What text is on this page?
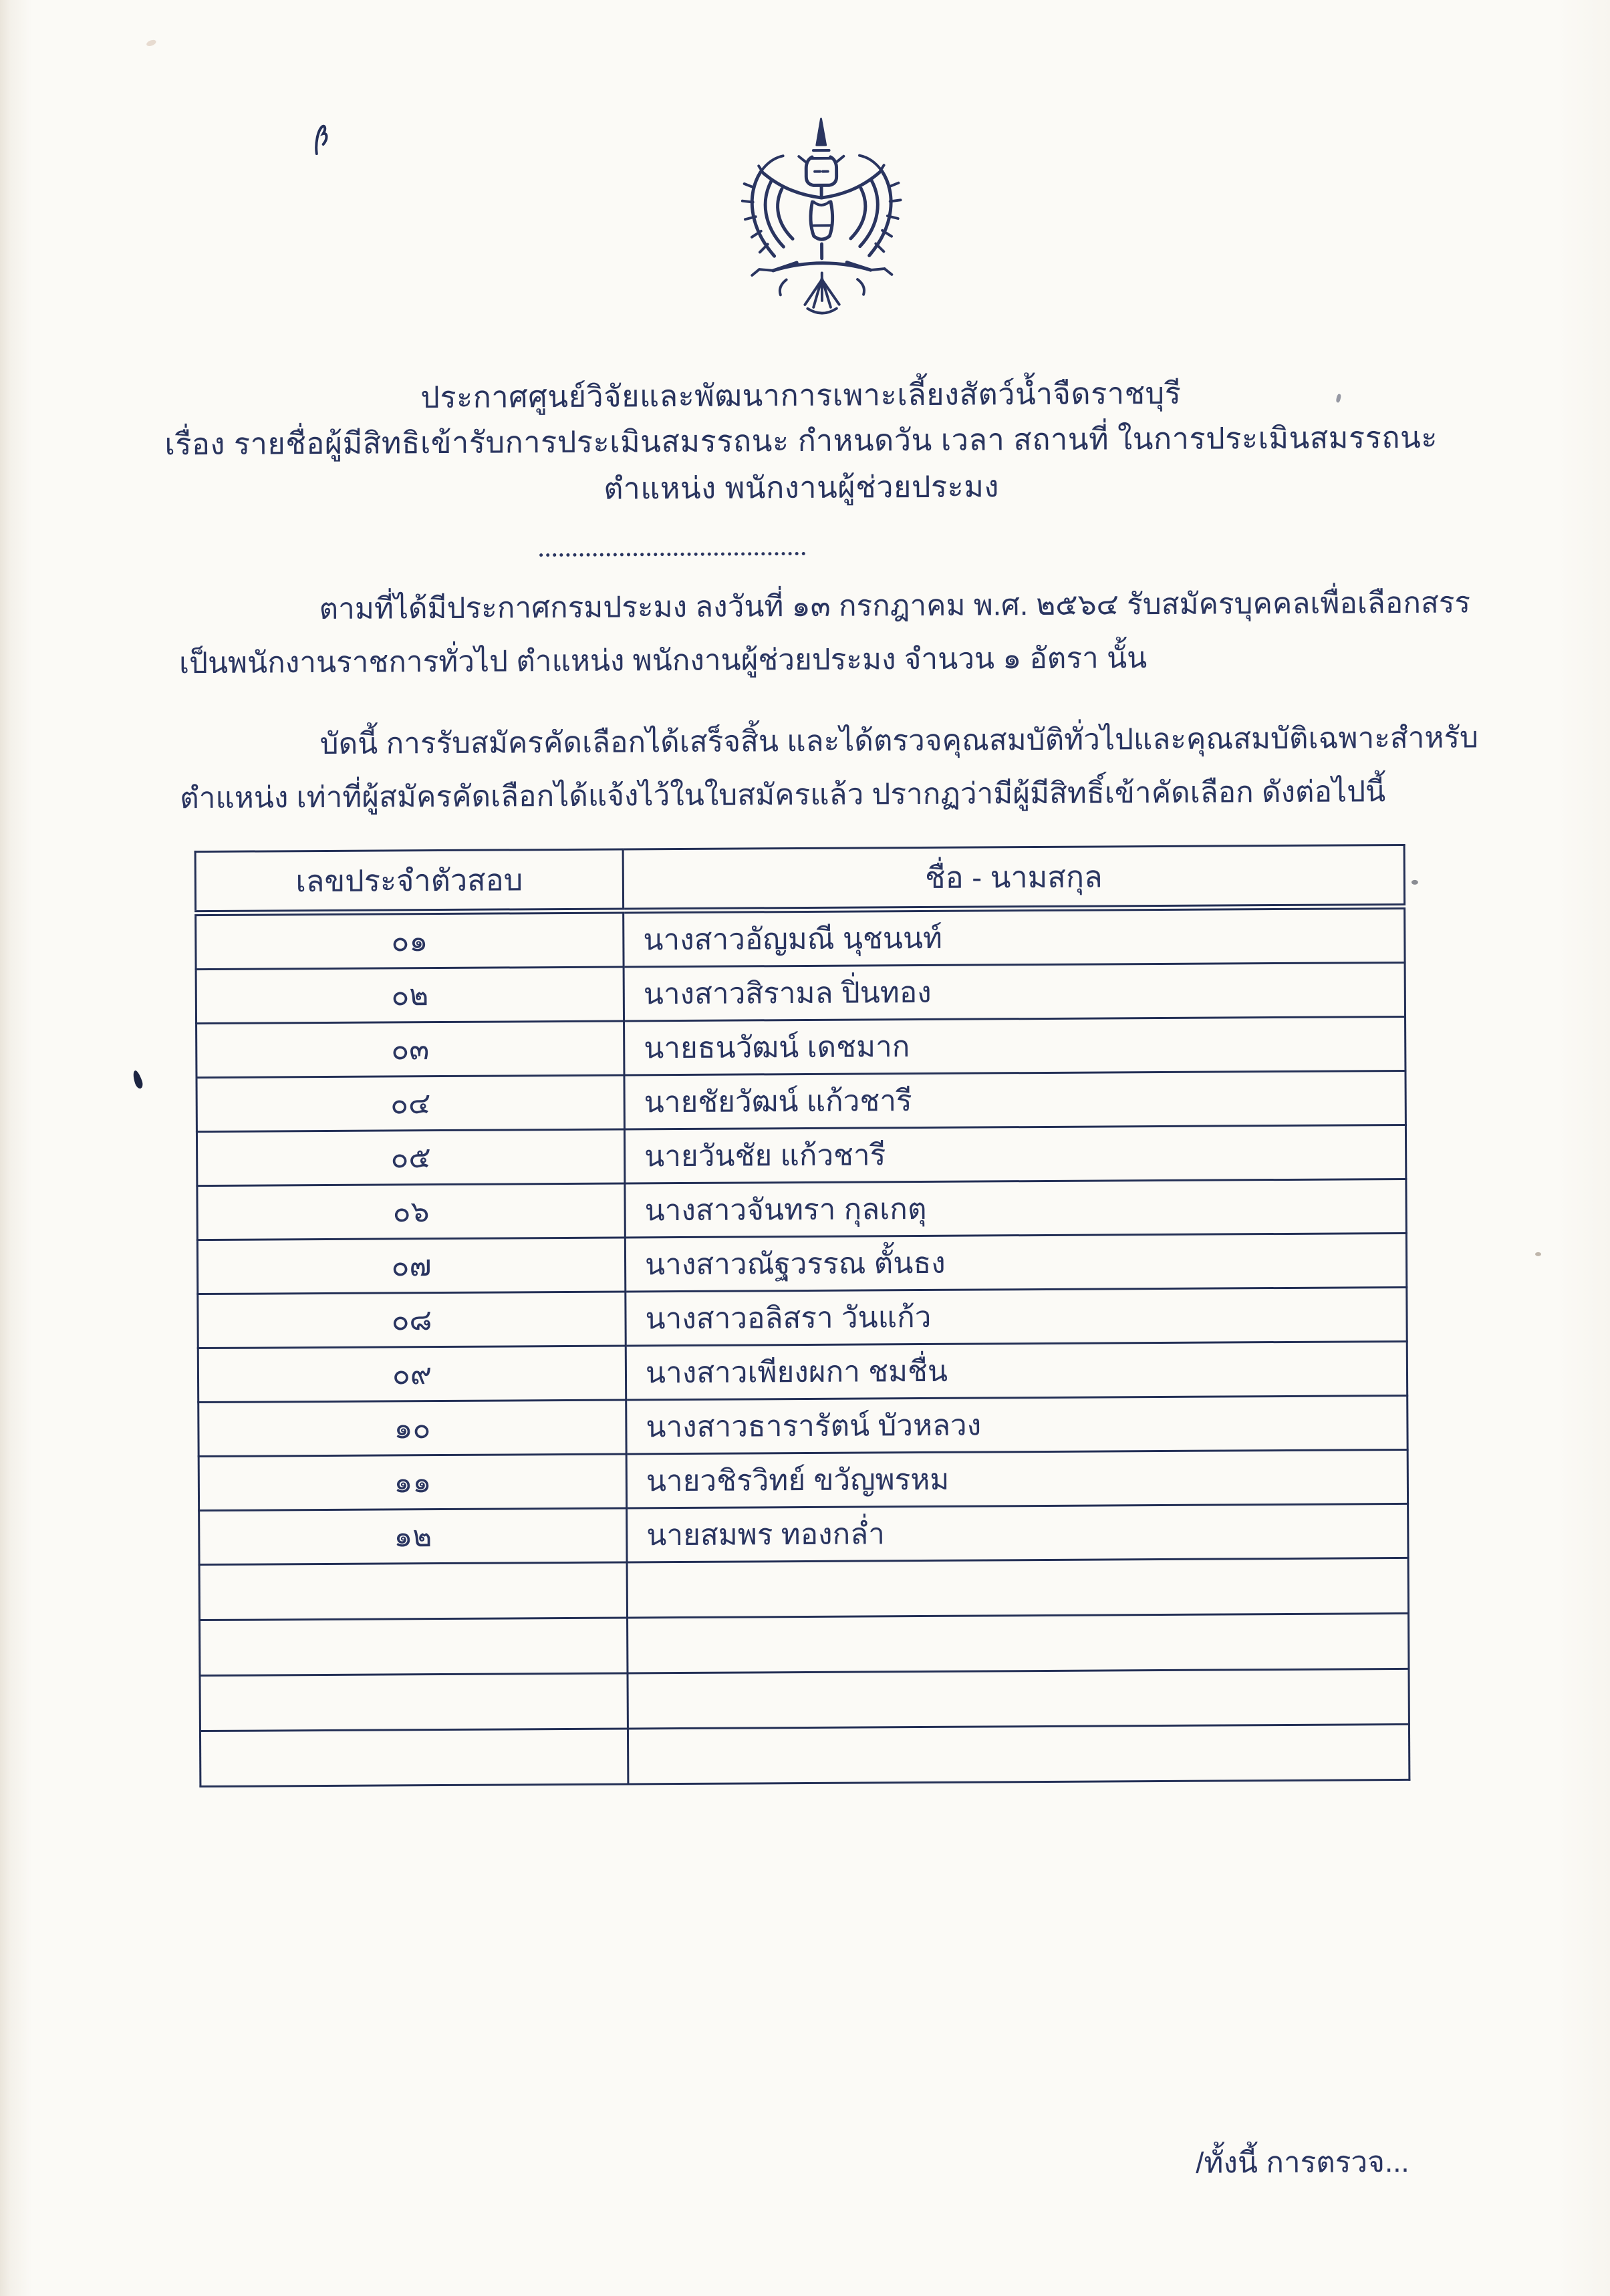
ประกาศศูนย์วิจัยและพัฒนาการเพาะเลี้ยงสัตว์น้ำจืดราชบุรี
เรื่อง รายชื่อผู้มีสิทธิเข้ารับการประเมินสมรรถนะ กำหนดวัน เวลา สถานที่ ในการประเมินสมรรถนะ
ตำแหน่ง พนักงานผู้ช่วยประมง
ตามที่ได้มีประกาศกรมประมง ลงวันที่ ๑๓ กรกฎาคม พ.ศ. ๒๕๖๔ รับสมัครบุคคลเพื่อเลือกสรร
เป็นพนักงานราชการทั่วไป ตำแหน่ง พนักงานผู้ช่วยประมง จำนวน ๑ อัตรา นั้น
บัดนี้ การรับสมัครคัดเลือกได้เสร็จสิ้น และได้ตรวจคุณสมบัติทั่วไปและคุณสมบัติเฉพาะสำหรับ
ตำแหน่ง เท่าที่ผู้สมัครคัดเลือกได้แจ้งไว้ในใบสมัครแล้ว ปรากฏว่ามีผู้มีสิทธิ์เข้าคัดเลือก ดังต่อไปนี้
เลขประจำตัวสอบ	ชื่อ - นามสกุล
๐๑	นางสาวอัญมณี นุชนนท์
๐๒	นางสาวสิรามล ปิ่นทอง
๐๓	นายธนวัฒน์ เดชมาก
๐๔	นายชัยวัฒน์ แก้วชารี
๐๕	นายวันชัย แก้วชารี
๐๖	นางสาวจันทรา กุลเกตุ
๐๗	นางสาวณัฐวรรณ ตั้นธง
๐๘	นางสาวอลิสรา วันแก้ว
๐๙	นางสาวเพียงผกา ชมชื่น
๑๐	นางสาวธารารัตน์ บัวหลวง
๑๑	นายวชิรวิทย์ ขวัญพรหม
๑๒	นายสมพร ทองกล่ำ

/ทั้งนี้ การตรวจ...
